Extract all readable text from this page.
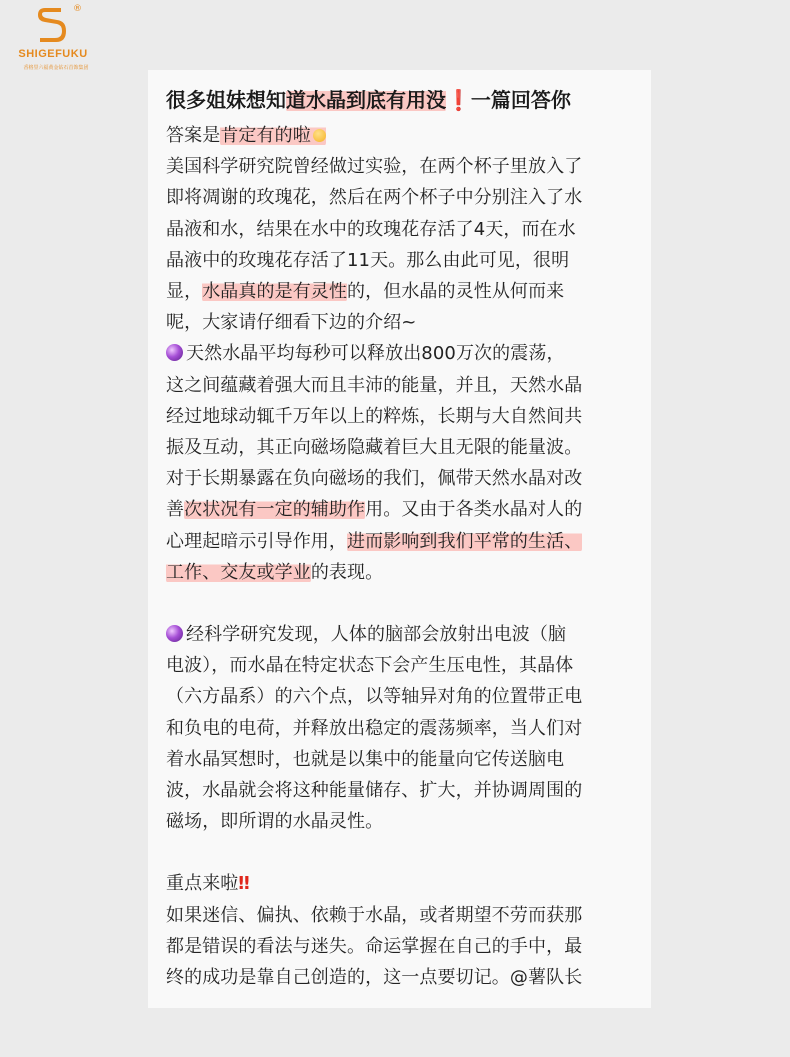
®
SHIGEFUKU
香格里六福黄金钻石首饰集团
很多姐妹想知道水晶到底有用没❗一篇回答你

答案是肯定有的啦

美国科学研究院曾经做过实验，在两个杯子里放入了

即将凋谢的玫瑰花，然后在两个杯子中分别注入了水

晶液和水，结果在水中的玫瑰花存活了4天，而在水

晶液中的玫瑰花存活了11天。那么由此可见，很明

显，水晶真的是有灵性的，但水晶的灵性从何而来

呢，大家请仔细看下边的介绍~

天然水晶平均每秒可以释放出800万次的震荡，

这之间蕴藏着强大而且丰沛的能量，并且，天然水晶

经过地球动辄千万年以上的粹炼，长期与大自然间共

振及互动，其正向磁场隐藏着巨大且无限的能量波。

对于长期暴露在负向磁场的我们，佩带天然水晶对改

善次状况有一定的辅助作用。又由于各类水晶对人的

心理起暗示引导作用，进而影响到我们平常的生活、

工作、交友或学业的表现。

经科学研究发现，人体的脑部会放射出电波（脑

电波），而水晶在特定状态下会产生压电性，其晶体

（六方晶系）的六个点，以等轴异对角的位置带正电

和负电的电荷，并释放出稳定的震荡频率，当人们对

着水晶冥想时，也就是以集中的能量向它传送脑电

波，水晶就会将这种能量储存、扩大，并协调周围的

磁场，即所谓的水晶灵性。

重点来啦‼

如果迷信、偏执、依赖于水晶，或者期望不劳而获那

都是错误的看法与迷失。命运掌握在自己的手中，最

终的成功是靠自己创造的，这一点要切记。@薯队长
